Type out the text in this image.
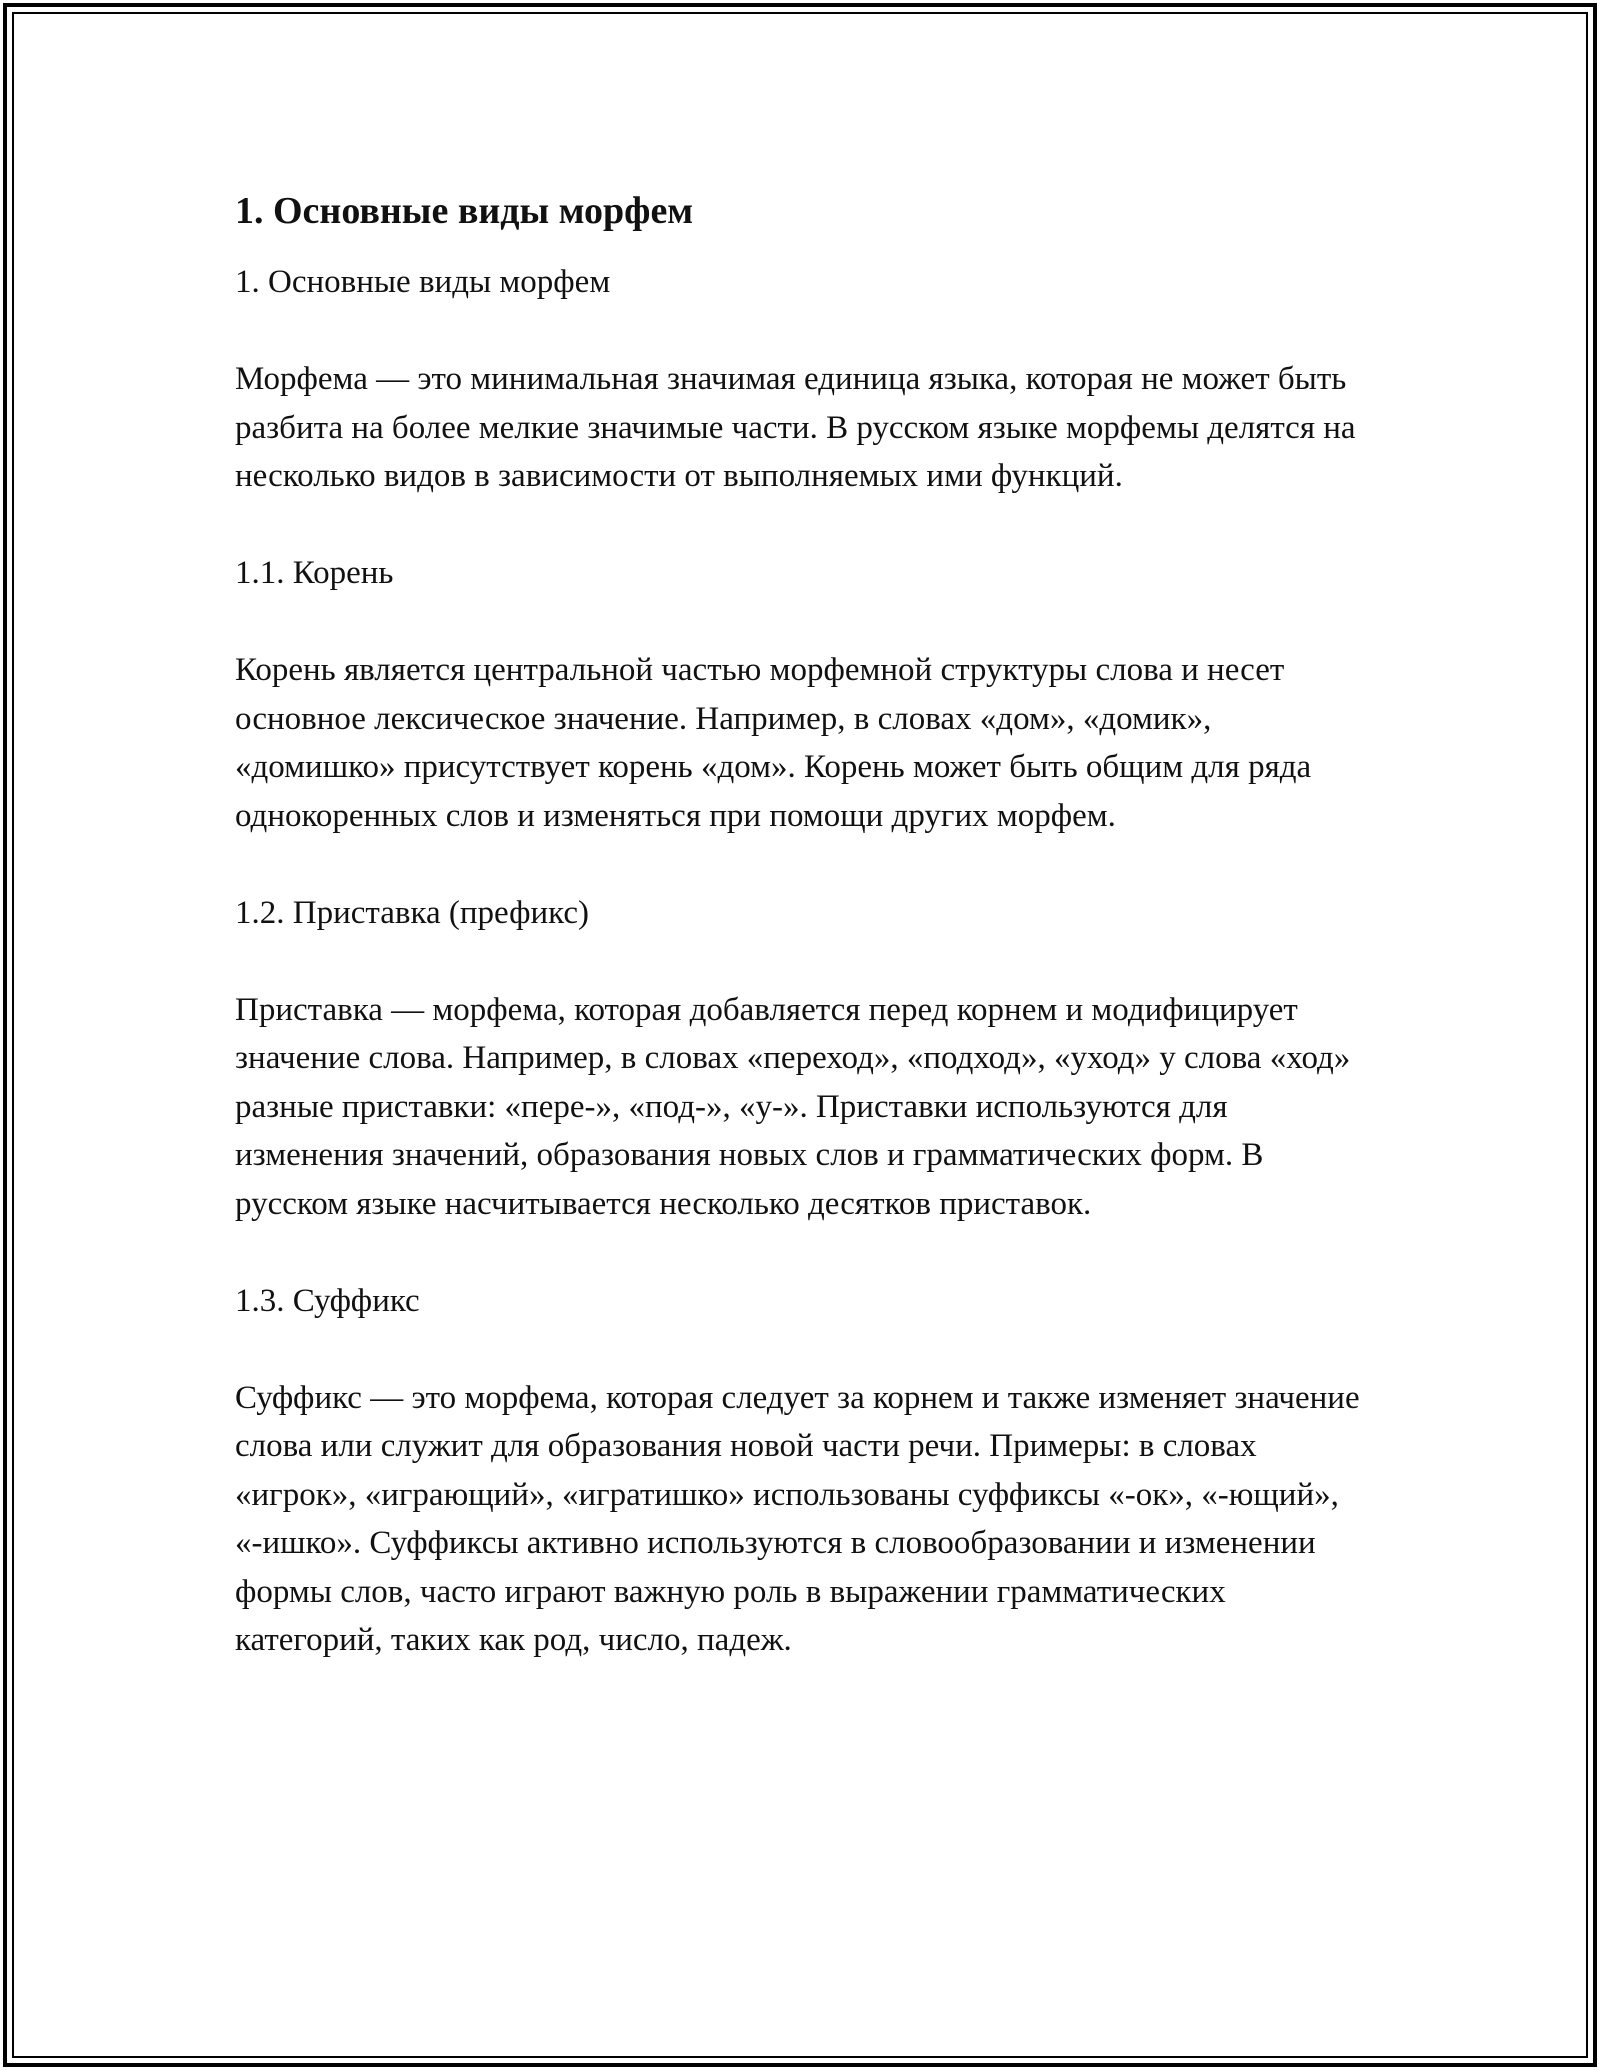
1. Основные виды морфем
1. Основные виды морфем
Морфема — это минимальная значимая единица языка, которая не может быть разбита на более мелкие значимые части. В русском языке морфемы делятся на несколько видов в зависимости от выполняемых ими функций.
1.1. Корень
Корень является центральной частью морфемной структуры слова и несет основное лексическое значение. Например, в словах «дом», «домик», «домишко» присутствует корень «дом». Корень может быть общим для ряда однокоренных слов и изменяться при помощи других морфем.
1.2. Приставка (префикс)
Приставка — морфема, которая добавляется перед корнем и модифицирует значение слова. Например, в словах «переход», «подход», «уход» у слова «ход» разные приставки: «пере-», «под-», «у-». Приставки используются для изменения значений, образования новых слов и грамматических форм. В русском языке насчитывается несколько десятков приставок.
1.3. Суффикс
Суффикс — это морфема, которая следует за корнем и также изменяет значение слова или служит для образования новой части речи. Примеры: в словах «игрок», «играющий», «игратишко» использованы суффиксы «-ок», «-ющий», «-ишко». Суффиксы активно используются в словообразовании и изменении формы слов, часто играют важную роль в выражении грамматических категорий, таких как род, число, падеж.
